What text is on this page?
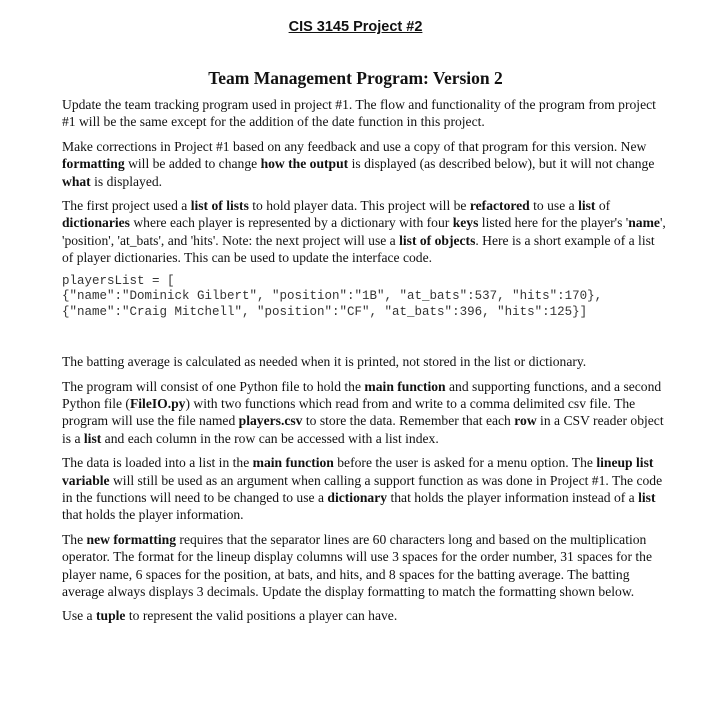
CIS 3145 Project #2
Team Management Program: Version 2

Update the team tracking program used in project #1. The flow and functionality of the program from project #1 will be the same except for the addition of the date function in this project.

Make corrections in Project #1 based on any feedback and use a copy of that program for this version. New formatting will be added to change how the output is displayed (as described below), but it will not change what is displayed.

The first project used a list of lists to hold player data. This project will be refactored to use a list of dictionaries where each player is represented by a dictionary with four keys listed here for the player's 'name', 'position', 'at_bats', and 'hits'. Note: the next project will use a list of objects. Here is a short example of a list of player dictionaries. This can be used to update the interface code.

playersList = [
{"name":"Dominick Gilbert", "position":"1B", "at_bats":537, "hits":170},
{"name":"Craig Mitchell", "position":"CF", "at_bats":396, "hits":125}]

The batting average is calculated as needed when it is printed, not stored in the list or dictionary.

The program will consist of one Python file to hold the main function and supporting functions, and a second Python file (FileIO.py) with two functions which read from and write to a comma delimited csv file. The program will use the file named players.csv to store the data. Remember that each row in a CSV reader object is a list and each column in the row can be accessed with a list index.

The data is loaded into a list in the main function before the user is asked for a menu option. The lineup list variable will still be used as an argument when calling a support function as was done in Project #1. The code in the functions will need to be changed to use a dictionary that holds the player information instead of a list that holds the player information.

The new formatting requires that the separator lines are 60 characters long and based on the multiplication operator. The format for the lineup display columns will use 3 spaces for the order number, 31 spaces for the player name, 6 spaces for the position, at bats, and hits, and 8 spaces for the batting average. The batting average always displays 3 decimals. Update the display formatting to match the formatting shown below.

Use a tuple to represent the valid positions a player can have.
